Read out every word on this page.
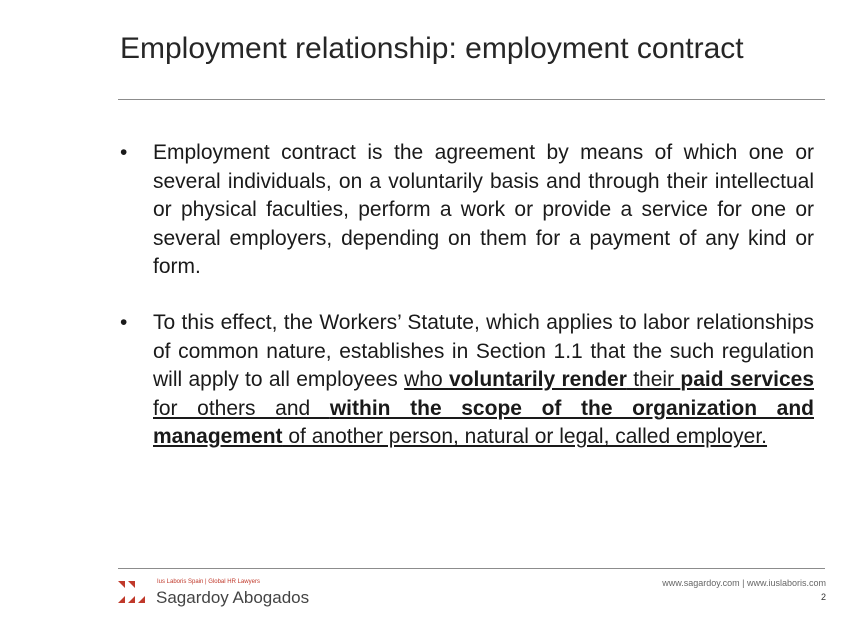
Employment relationship: employment contract
• Employment contract is the agreement by means of which one or several individuals, on a voluntarily basis and through their intellectual or physical faculties, perform a work or provide a service for one or several employers, depending on them for a payment of any kind or form.
• To this effect, the Workers’ Statute, which applies to labor relationships of common nature, establishes in Section 1.1 that the such regulation will apply to all employees who voluntarily render their paid services for others and within the scope of the organization and management of another person, natural or legal, called employer.
Ius Laboris Spain | Global HR Lawyers
Sagardoy Abogados
www.sagardoy.com | www.iuslaboris.com
2
